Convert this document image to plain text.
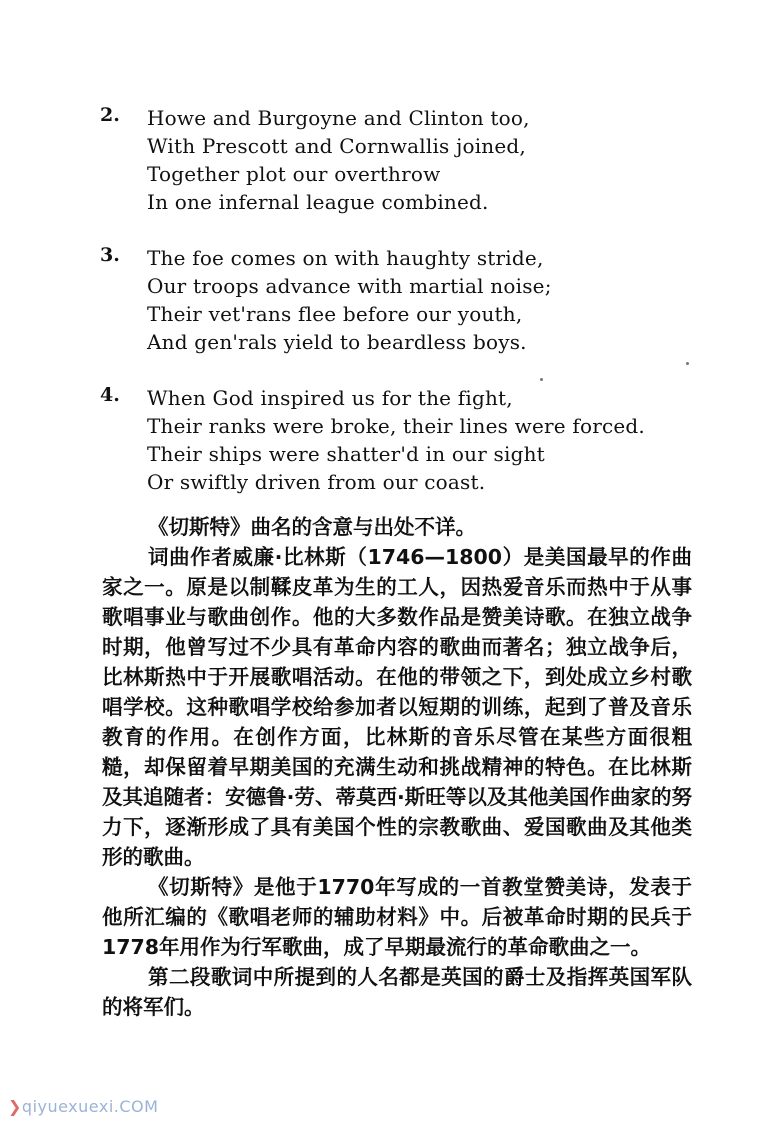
2. Howe and Burgoyne and Clinton too,
With Prescott and Cornwallis joined,
Together plot our overthrow
In one infernal league combined.
3. The foe comes on with haughty stride,
Our troops advance with martial noise;
Their vet'rans flee before our youth,
And gen'rals yield to beardless boys.
4. When God inspired us for the fight,
Their ranks were broke, their lines were forced.
Their ships were shatter'd in our sight
Or swiftly driven from our coast.

《切斯特》曲名的含意与出处不详。

词曲作者威廉·比林斯（1746—1800）是美国最早的作曲家之一。原是以制鞣皮革为生的工人，因热爱音乐而热中于从事歌唱事业与歌曲创作。他的大多数作品是赞美诗歌。在独立战争时期，他曾写过不少具有革命内容的歌曲而著名；独立战争后，比林斯热中于开展歌唱活动。在他的带领之下，到处成立乡村歌唱学校。这种歌唱学校给参加者以短期的训练，起到了普及音乐教育的作用。在创作方面，比林斯的音乐尽管在某些方面很粗糙，却保留着早期美国的充满生动和挑战精神的特色。在比林斯及其追随者：安德鲁·劳、蒂莫西·斯旺等以及其他美国作曲家的努力下，逐渐形成了具有美国个性的宗教歌曲、爱国歌曲及其他类形的歌曲。

《切斯特》是他于1770年写成的一首教堂赞美诗，发表于他所汇编的《歌唱老师的辅助材料》中。后被革命时期的民兵于1778年用作为行军歌曲，成了早期最流行的革命歌曲之一。

第二段歌词中所提到的人名都是英国的爵士及指挥英国军队的将军们。

❯qiyuexuexi.COM
